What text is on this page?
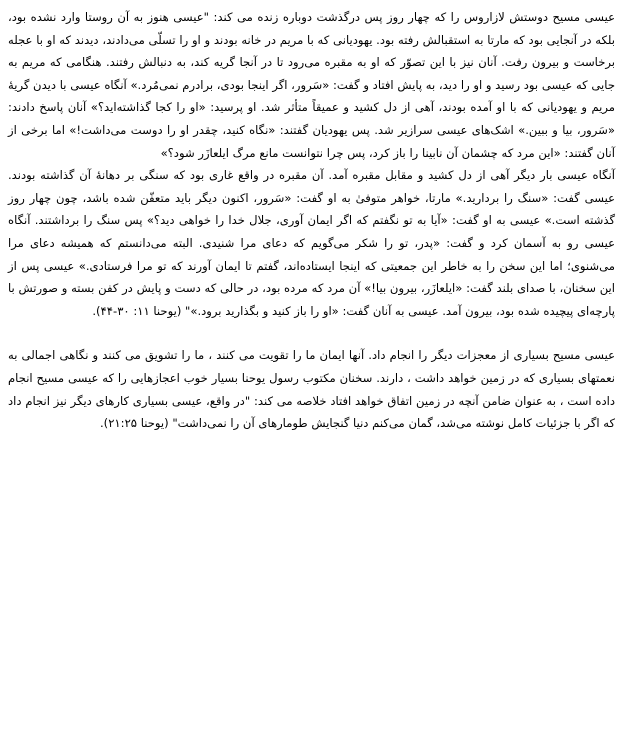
عیسی مسیح دوستش لازاروس را که چهار روز پس درگذشت دوباره زنده می کند: "عیسی هنوز به آن روستا وارد نشده بود، بلکه در آنجایی بود که مارتا به استقبالش رفته بود. یهودیانی که با مریم در خانه بودند و او را تسلّی می‌دادند، دیدند که او با عجله برخاست و بیرون رفت. آنان نیز با این تصوّر که او به مقبره می‌رود تا در آنجا گریه کند، به دنبالش رفتند. هنگامی که مریم به جایی که عیسی بود رسید و او را دید، به پایش افتاد و گفت: «سَرور، اگر اینجا بودی، برادرم نمی‌مُرد.» آنگاه عیسی با دیدن گریهٔ مریم و یهودیانی که با او آمده بودند، آهی از دل کشید و عمیقاً متأثر شد. او پرسید: «او را کجا گذاشته‌اید؟» آنان پاسخ دادند: «سَرور، بیا و ببین.» اشک‌های عیسی سرازیر شد. پس یهودیان گفتند: «نگاه کنید، چقدر او را دوست می‌داشت!» اما برخی از آنان گفتند: «این مرد که چشمان آن نابینا را باز کرد، پس چرا نتوانست مانع مرگ ایلعازَر شود؟»

آنگاه عیسی بار دیگر آهی از دل کشید و مقابل مقبره آمد. آن مقبره در واقع غاری بود که سنگی بر دهانهٔ آن گذاشته بودند. عیسی گفت: «سنگ را بردارید.» مارتا، خواهر متوفیٰ به او گفت: «سَرور، اکنون دیگر باید متعفّن شده باشد، چون چهار روز گذشته است.» عیسی به او گفت: «آیا به تو نگفتم که اگر ایمان آوری، جلال خدا را خواهی دید؟» پس سنگ را برداشتند. آنگاه عیسی رو به آسمان کرد و گفت: «پدر، تو را شکر می‌گویم که دعای مرا شنیدی. البته می‌دانستم که همیشه دعای مرا می‌شنوی؛ اما این سخن را به خاطر این جمعیتی که اینجا ایستاده‌اند، گفتم تا ایمان آورند که تو مرا فرستادی.» عیسی پس از این سخنان، با صدای بلند گفت: «ایلعازَر، بیرون بیا!» آن مرد که مرده بود، در حالی که دست و پایش در کفن بسته و صورتش با پارچه‌ای پیچیده شده بود، بیرون آمد. عیسی به آنان گفت: «او را باز کنید و بگذارید برود.»" (یوحنا ۱۱: ۳۰-۴۴).

عیسی مسیح بسیاری از معجزات دیگر را انجام داد. آنها ایمان ما را تقویت می کنند ، ما را تشویق می کنند و نگاهی اجمالی به نعمتهای بسیاری که در زمین خواهد داشت ، دارند. سخنان مکتوب رسول یوحنا بسیار خوب اعجازهایی را که عیسی مسیح انجام داده است ، به عنوان ضامن آنچه در زمین اتفاق خواهد افتاد خلاصه می کند: "در واقع، عیسی بسیاری کارهای دیگر نیز انجام داد که اگر با جزئیات کامل نوشته می‌شد، گمان می‌کنم دنیا گنجایش طومارهای آن را نمی‌داشت" (یوحنا ۲۱:۲۵).
